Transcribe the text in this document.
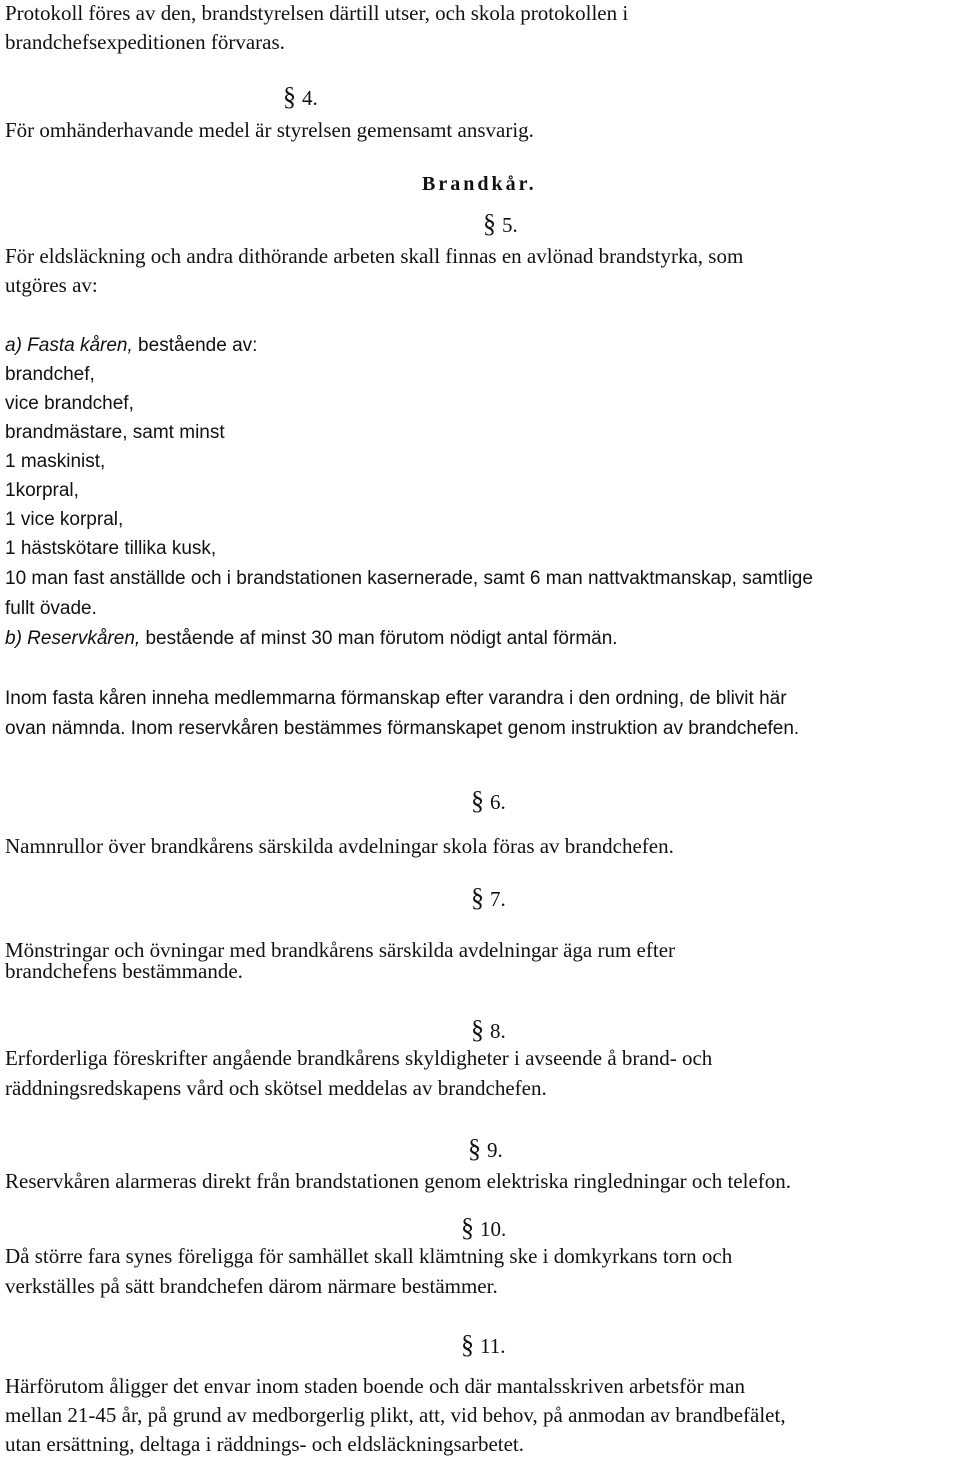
Protokoll föres av den, brandstyrelsen därtill utser, och skola protokollen i

brandchefsexpeditionen förvaras.

§ 4.

För omhänderhavande medel är styrelsen gemensamt ansvarig.

Brandkår.

§ 5.

För eldsläckning och andra dithörande arbeten skall finnas en avlönad brandstyrka, som

utgöres av:

a) Fasta kåren, bestående av:

brandchef,

vice brandchef,

brandmästare, samt minst

1 maskinist,

1korpral,

1 vice korpral,

1 hästskötare tillika kusk,

10 man fast anställde och i brandstationen kasernerade, samt 6 man nattvaktmanskap, samtlige

fullt övade.

b) Reservkåren, bestående af minst 30 man förutom nödigt antal förmän.

Inom fasta kåren inneha medlemmarna förmanskap efter varandra i den ordning, de blivit här

ovan nämnda. Inom reservkåren bestämmes förmanskapet genom instruktion av brandchefen.

§ 6.

Namnrullor över brandkårens särskilda avdelningar skola föras av brandchefen.

§ 7.

Mönstringar och övningar med brandkårens särskilda avdelningar äga rum efter

brandchefens bestämmande.

§ 8.

Erforderliga föreskrifter angående brandkårens skyldigheter i avseende å brand- och

räddningsredskapens vård och skötsel meddelas av brandchefen.

§ 9.

Reservkåren alarmeras direkt från brandstationen genom elektriska ringledningar och telefon.

§ 10.

Då större fara synes föreligga för samhället skall klämtning ske i domkyrkans torn och

verkställes på sätt brandchefen därom närmare bestämmer.

§ 11.

Härförutom åligger det envar inom staden boende och där mantalsskriven arbetsför man

mellan 21-45 år, på grund av medborgerlig plikt, att, vid behov, på anmodan av brandbefälet,

utan ersättning, deltaga i räddnings- och eldsläckningsarbetet.
